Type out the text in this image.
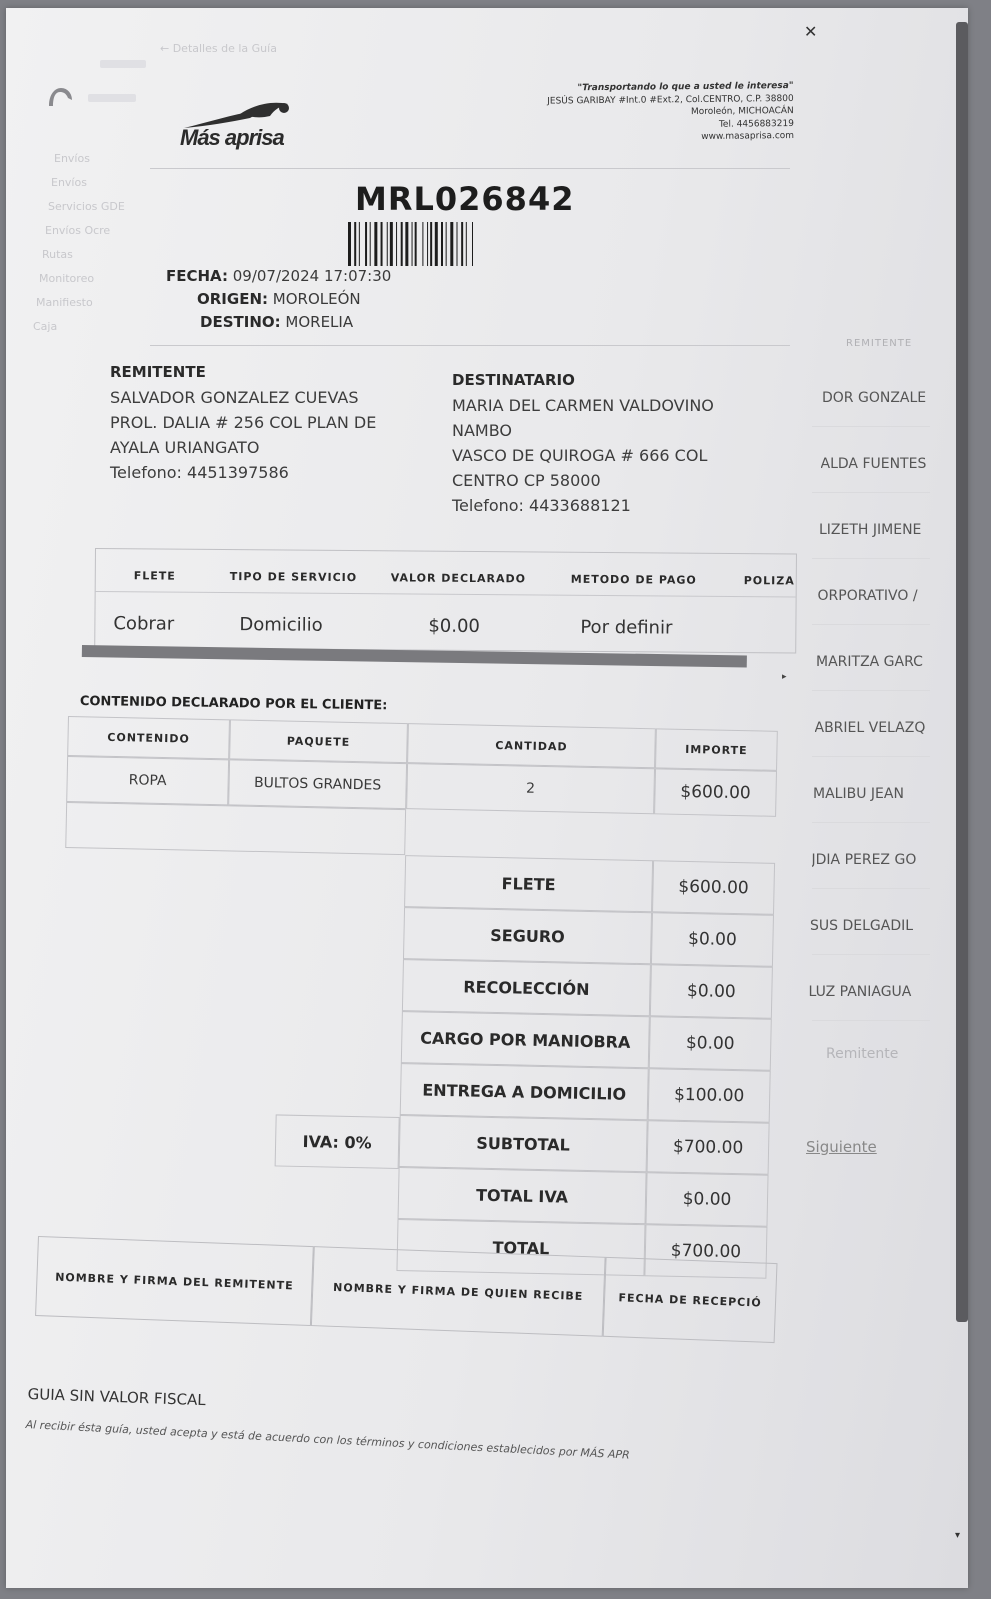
▾
✕
← Detalles de la Guía
Envíos
Envíos
Servicios GDE
Envíos Ocre
Rutas
Monitoreo
Manifiesto
Caja
Más aprisa
"Transportando lo que a usted le interesa"
JESÚS GARIBAY #Int.0 #Ext.2, Col.CENTRO, C.P. 38800
Moroleón, MICHOACÁN
Tel. 4456883219
www.masaprisa.com
MRL026842
FECHA: 09/07/2024 17:07:30
ORIGEN: MOROLEÓN
DESTINO: MORELIA
REMITENTE
SALVADOR GONZALEZ CUEVAS
PROL. DALIA # 256 COL PLAN DE
AYALA URIANGATO
Telefono: 4451397586
DESTINATARIO
MARIA DEL CARMEN VALDOVINO
NAMBO
VASCO DE QUIROGA # 666 COL
CENTRO CP 58000
Telefono: 4433688121
FLETE	TIPO DE SERVICIO	VALOR DECLARADO	METODO DE PAGO	POLIZA
Cobrar	Domicilio	$0.00	Por definir
▸
CONTENIDO DECLARADO POR EL CLIENTE:
CONTENIDO	PAQUETE	CANTIDAD	IMPORTE
ROPA	BULTOS GRANDES	2	$600.00
FLETE	$600.00
SEGURO	$0.00
RECOLECCIÓN	$0.00
CARGO POR MANIOBRA	$0.00
ENTREGA A DOMICILIO	$100.00
SUBTOTAL	$700.00
TOTAL IVA	$0.00
TOTAL	$700.00
IVA: 0%
NOMBRE Y FIRMA DEL REMITENTE	NOMBRE Y FIRMA DE QUIEN RECIBE	FECHA DE RECEPCIÓ
GUIA SIN VALOR FISCAL
Al recibir ésta guía, usted acepta y está de acuerdo con los términos y condiciones establecidos por MÁS APR
REMITENTE
DOR GONZALE
ALDA FUENTES
LIZETH JIMENE
ORPORATIVO /
MARITZA GARC
ABRIEL VELAZQ
MALIBU JEAN
JDIA PEREZ GO
SUS DELGADIL
LUZ PANIAGUA
Remitente
Siguiente
